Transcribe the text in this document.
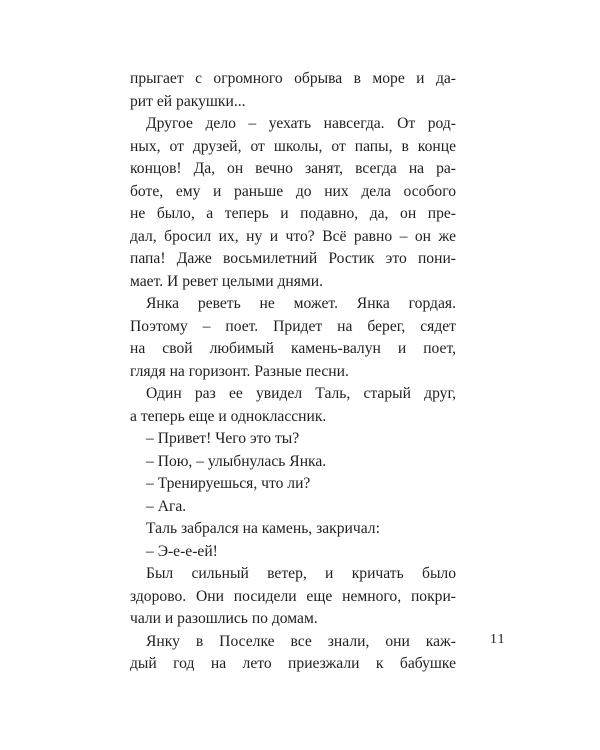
прыгает с огромного обрыва в море и да-
рит ей ракушки...
Другое дело – уехать навсегда. От род-
ных, от друзей, от школы, от папы, в конце
концов! Да, он вечно занят, всегда на ра-
боте, ему и раньше до них дела особого
не было, а теперь и подавно, да, он пре-
дал, бросил их, ну и что? Всё равно – он же
папа! Даже восьмилетний Ростик это пони-
мает. И ревет целыми днями.
Янка реветь не может. Янка гордая.
Поэтому – поет. Придет на берег, сядет
на свой любимый камень-валун и поет,
глядя на горизонт. Разные песни.
Один раз ее увидел Таль, старый друг,
а теперь еще и одноклассник.
– Привет! Чего это ты?
– Пою, – улыбнулась Янка.
– Тренируешься, что ли?
– Ага.
Таль забрался на камень, закричал:
– Э-е-е-ей!
Был сильный ветер, и кричать было
здорово. Они посидели еще немного, покри-
чали и разошлись по домам.
Янку в Поселке все знали, они каж-
дый год на лето приезжали к бабушке
11
